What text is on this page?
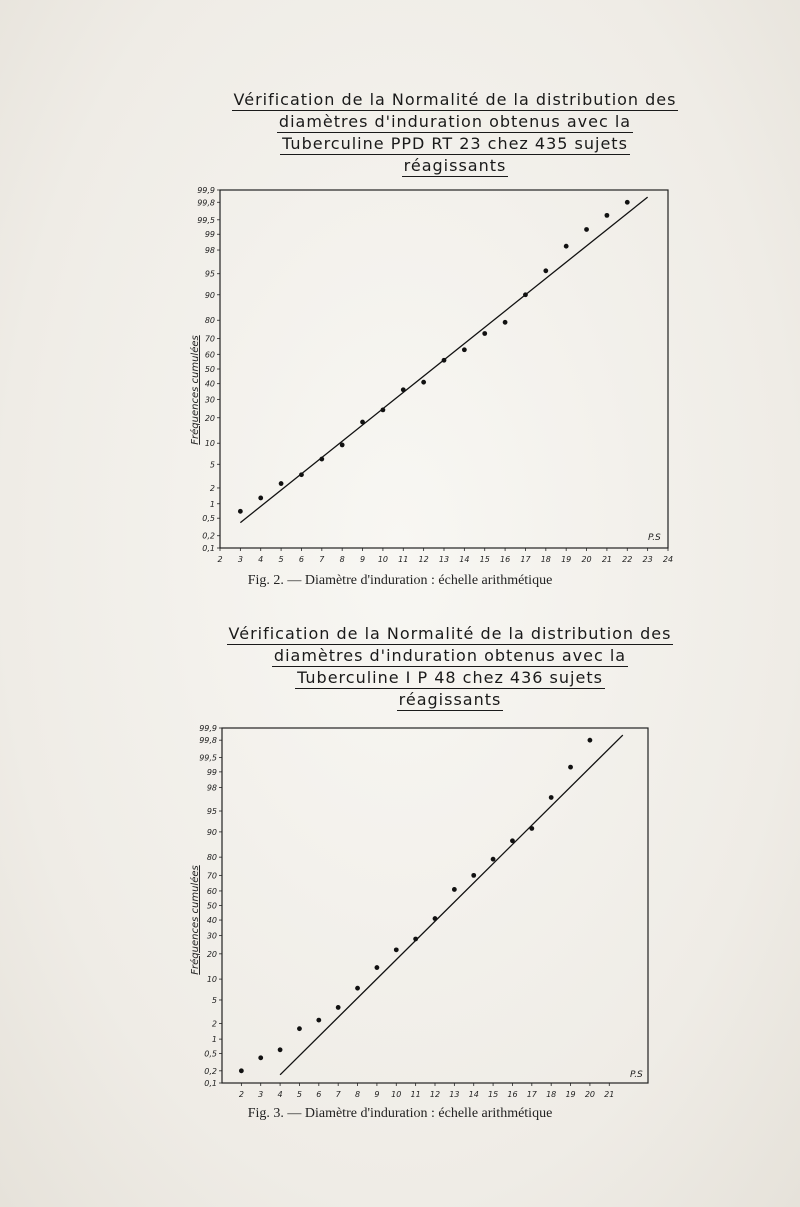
Vérification de la Normalité de la distribution des
diamètres d'induration obtenus avec la
Tuberculine PPD RT 23 chez 435 sujets
réagissants
99,9
99,8
99,5
99
98
95
90
80
70
60
50
40
30
20
10
5
2
1
0,5
0,2
0,1
2 3 4 5 6 7 8 9 10 11 12 13 14 15 16 17 18 19 20 21 22 23 24
Fréquences cumulées
P.S
Fig. 2. — Diamètre d'induration : échelle arithmétique
Vérification de la Normalité de la distribution des
diamètres d'induration obtenus avec la
Tuberculine I P 48 chez 436 sujets
réagissants
99,9
99,8
99,5
99
98
95
90
80
70
60
50
40
30
20
10
5
2
1
0,5
0,2
0,1
2 3 4 5 6 7 8 9 10 11 12 13 14 15 16 17 18 19 20 21
Fréquences cumulées
P.S
Fig. 3. — Diamètre d'induration : échelle arithmétique
